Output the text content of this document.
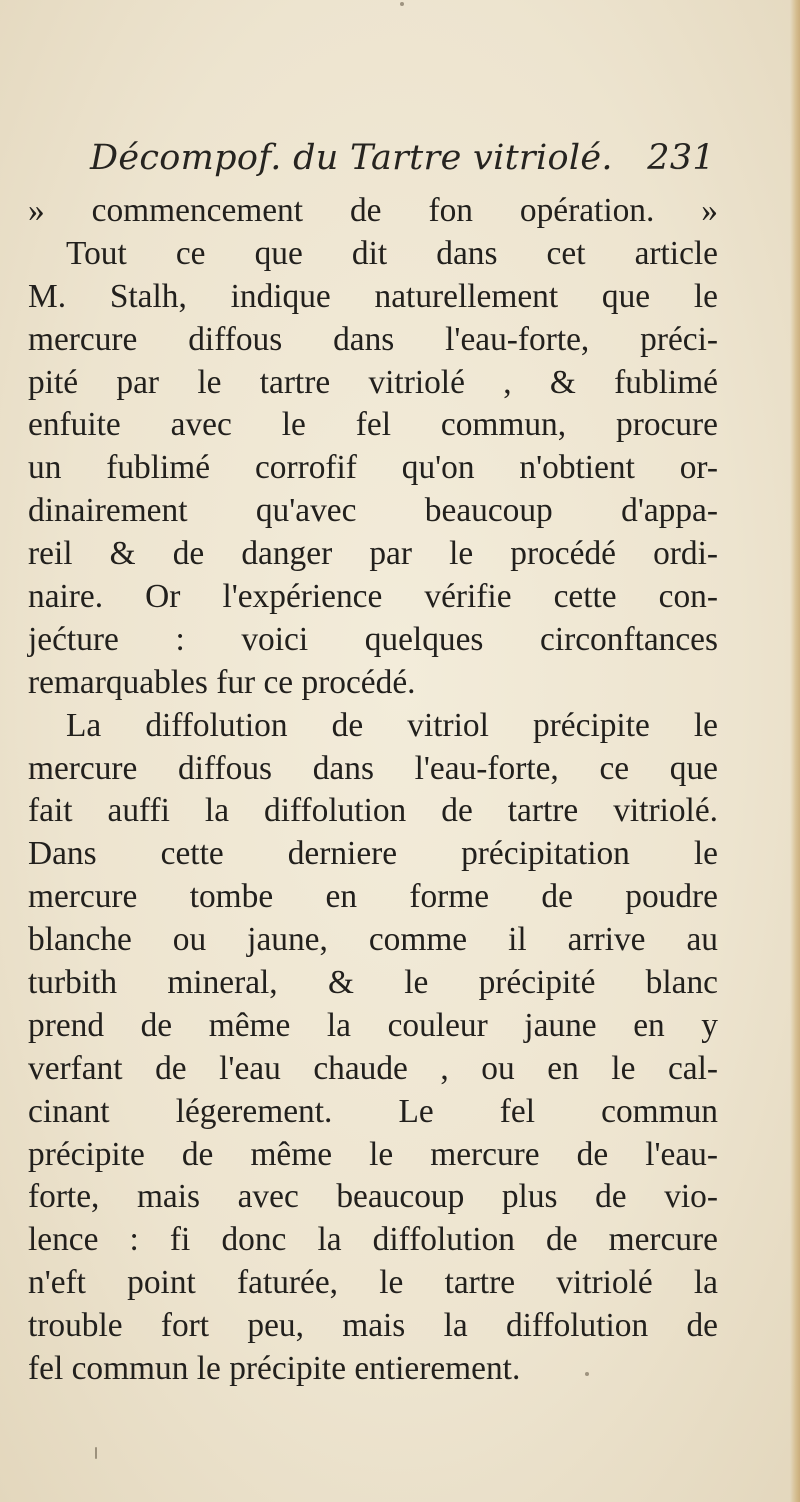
Décompof. du Tartre vitriolé. 231
» commencement de fon opération. »
Tout ce que dit dans cet article
M. Stalh, indique naturellement que le
mercure diffous dans l'eau-forte, préci-
pité par le tartre vitriolé , & fublimé
enfuite avec le fel commun, procure
un fublimé corrofif qu'on n'obtient or-
dinairement qu'avec beaucoup d'appa-
reil & de danger par le procédé ordi-
naire. Or l'expérience vérifie cette con-
jećture : voici quelques circonftances
remarquables fur ce procédé.
La diffolution de vitriol précipite le
mercure diffous dans l'eau-forte, ce que
fait auffi la diffolution de tartre vitriolé.
Dans cette derniere précipitation le
mercure tombe en forme de poudre
blanche ou jaune, comme il arrive au
turbith mineral, & le précipité blanc
prend de même la couleur jaune en y
verfant de l'eau chaude , ou en le cal-
cinant légerement. Le fel commun
précipite de même le mercure de l'eau-
forte, mais avec beaucoup plus de vio-
lence : fi donc la diffolution de mercure
n'eft point faturée, le tartre vitriolé la
trouble fort peu, mais la diffolution de
fel commun le précipite entierement.
